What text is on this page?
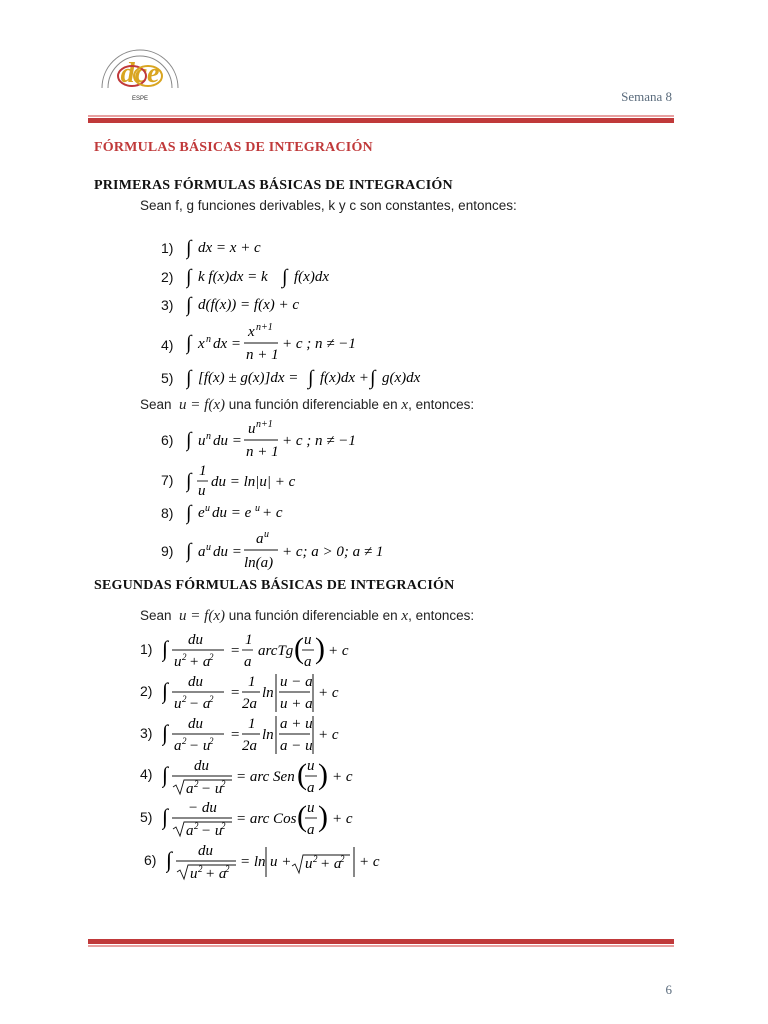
dce
ESPE	Semana 8
FÓRMULAS BÁSICAS DE INTEGRACIÓN
PRIMERAS FÓRMULAS BÁSICAS DE INTEGRACIÓN
Sean f, g funciones derivables, k y c son constantes, entonces:
1)
2)
3)
4)
5)
∫ dx = x + c
∫ k f(x)dx = k ∫ f(x)dx
∫ d(f(x)) = f(x) + c
∫ x n dx =
x n+1
n + 1
+ c ; n ≠ −1
∫ [f(x) ± g(x)]dx = ∫ f(x)dx + ∫ g(x)dx
Sean u = f(x) una función diferenciable en x, entonces:
6)
7)
8)
9)
∫ u n du =
u n+1
n + 1
+ c ; n ≠ −1
∫ 1
u
du = ln|u| + c
∫ e u du = e u + c
∫ a u du =
a u
ln(a)
+ c; a > 0; a ≠ 1
SEGUNDAS FÓRMULAS BÁSICAS DE INTEGRACIÓN
Sean u = f(x) una función diferenciable en x, entonces:
1)
2)
3)
4)
5)
6)
∫ du
u 2 + a
2 =
1
a
arcTg ( u
a ) + c
∫ du
u 2 − a
2 =
1
2a
ln
u − a
u + a
+ c
∫ du
a 2 − u
2 =
1
2a
ln
a + u
a − u
+ c
∫ du
a 2 − u
2 = arc Sen ( u
a ) + c
∫ − du
a 2 − u
2 = arc Cos ( u
a ) + c
∫ du
u 2 + a
2 = ln u + u 2 + a
2 + c
6
